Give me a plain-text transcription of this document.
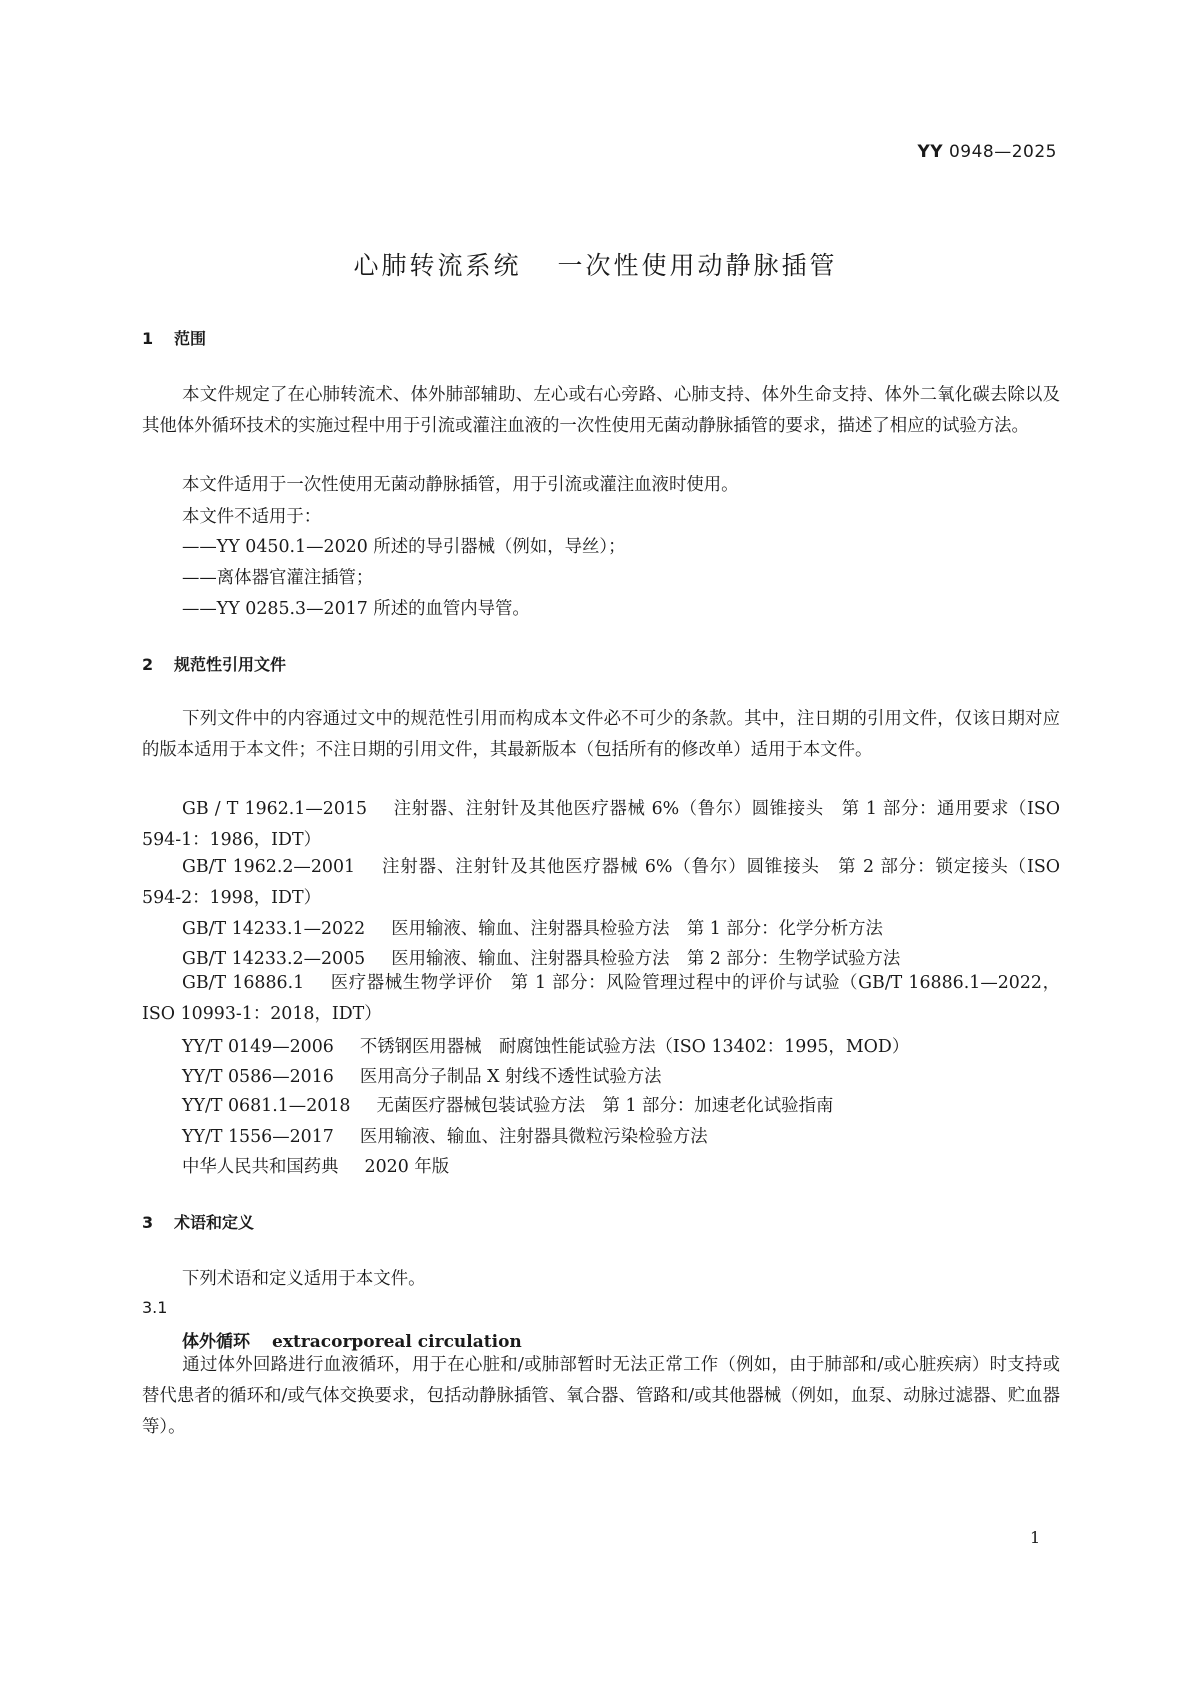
YY 0948—2025
心肺转流系统 一次性使用动静脉插管
1 范围
本文件规定了在心肺转流术、体外肺部辅助、左心或右心旁路、心肺支持、体外生命支持、体外二氧化碳去除以及其他体外循环技术的实施过程中用于引流或灌注血液的一次性使用无菌动静脉插管的要求，描述了相应的试验方法。
本文件适用于一次性使用无菌动静脉插管，用于引流或灌注血液时使用。
本文件不适用于：
——YY 0450.1—2020 所述的导引器械（例如，导丝）；
——离体器官灌注插管；
——YY 0285.3—2017 所述的血管内导管。
2 规范性引用文件
下列文件中的内容通过文中的规范性引用而构成本文件必不可少的条款。其中，注日期的引用文件，仅该日期对应的版本适用于本文件；不注日期的引用文件，其最新版本（包括所有的修改单）适用于本文件。
GB / T 1962.1—2015 注射器、注射针及其他医疗器械 6%（鲁尔）圆锥接头　第 1 部分：通用要求（ISO 594-1：1986，IDT）
GB/T 1962.2—2001 注射器、注射针及其他医疗器械 6%（鲁尔）圆锥接头　第 2 部分：锁定接头（ISO 594-2：1998，IDT）
GB/T 14233.1—2022 医用输液、输血、注射器具检验方法　第 1 部分：化学分析方法
GB/T 14233.2—2005 医用输液、输血、注射器具检验方法　第 2 部分：生物学试验方法
GB/T 16886.1 医疗器械生物学评价　第 1 部分：风险管理过程中的评价与试验（GB/T 16886.1—2022，ISO 10993-1：2018，IDT）
YY/T 0149—2006 不锈钢医用器械　耐腐蚀性能试验方法（ISO 13402：1995，MOD）
YY/T 0586—2016 医用高分子制品 X 射线不透性试验方法
YY/T 0681.1—2018 无菌医疗器械包装试验方法　第 1 部分：加速老化试验指南
YY/T 1556—2017 医用输液、输血、注射器具微粒污染检验方法
中华人民共和国药典 2020 年版
3 术语和定义
下列术语和定义适用于本文件。
3.1
体外循环 extracorporeal circulation
通过体外回路进行血液循环，用于在心脏和/或肺部暂时无法正常工作（例如，由于肺部和/或心脏疾病）时支持或替代患者的循环和/或气体交换要求，包括动静脉插管、氧合器、管路和/或其他器械（例如，血泵、动脉过滤器、贮血器等）。
1
